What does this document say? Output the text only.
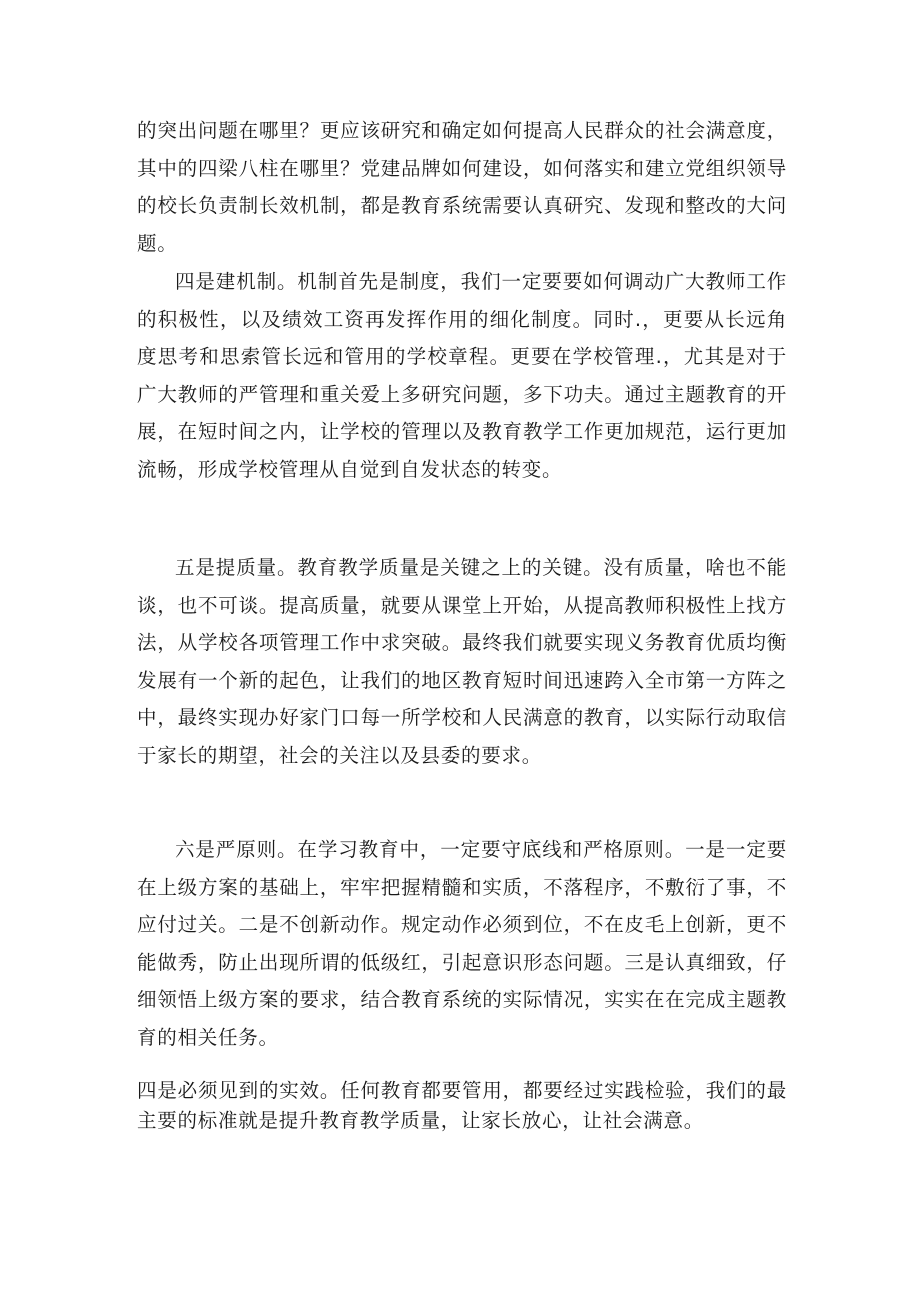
的突出问题在哪里？更应该研究和确定如何提高人民群众的社会满意度，其中的四梁八柱在哪里？党建品牌如何建设，如何落实和建立党组织领导的校长负责制长效机制，都是教育系统需要认真研究、发现和整改的大问题。

四是建机制。机制首先是制度，我们一定要要如何调动广大教师工作的积极性，以及绩效工资再发挥作用的细化制度。同时.，更要从长远角度思考和思索管长远和管用的学校章程。更要在学校管理.，尤其是对于广大教师的严管理和重关爱上多研究问题，多下功夫。通过主题教育的开展，在短时间之内，让学校的管理以及教育教学工作更加规范，运行更加流畅，形成学校管理从自觉到自发状态的转变。

五是提质量。教育教学质量是关键之上的关键。没有质量，啥也不能谈，也不可谈。提高质量，就要从课堂上开始，从提高教师积极性上找方法，从学校各项管理工作中求突破。最终我们就要实现义务教育优质均衡发展有一个新的起色，让我们的地区教育短时间迅速跨入全市第一方阵之中，最终实现办好家门口每一所学校和人民满意的教育，以实际行动取信于家长的期望，社会的关注以及县委的要求。

六是严原则。在学习教育中，一定要守底线和严格原则。一是一定要在上级方案的基础上，牢牢把握精髓和实质，不落程序，不敷衍了事，不应付过关。二是不创新动作。规定动作必须到位，不在皮毛上创新，更不能做秀，防止出现所谓的低级红，引起意识形态问题。三是认真细致，仔细领悟上级方案的要求，结合教育系统的实际情况，实实在在完成主题教育的相关任务。

四是必须见到的实效。任何教育都要管用，都要经过实践检验，我们的最主要的标准就是提升教育教学质量，让家长放心，让社会满意。
